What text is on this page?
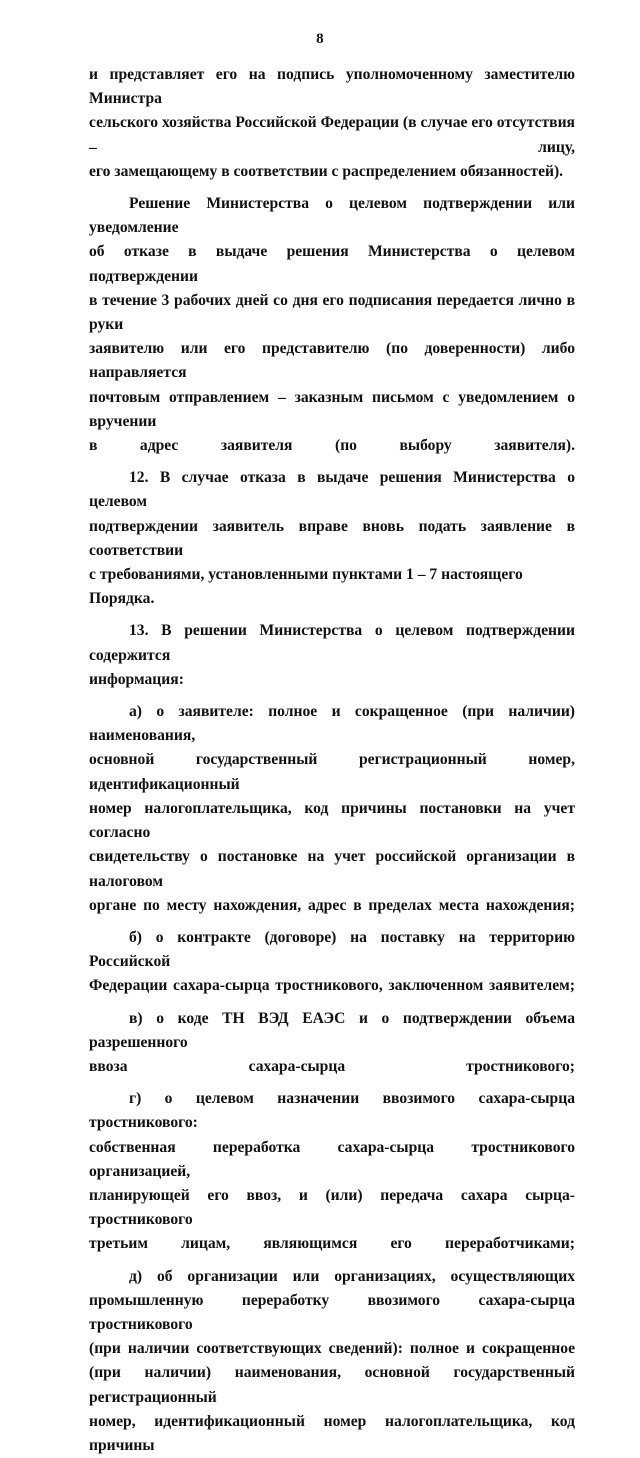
8

и представляет его на подпись уполномоченному заместителю Министра
сельского хозяйства Российской Федерации (в случае его отсутствия – лицу,
его замещающему в соответствии с распределением обязанностей).

Решение Министерства о целевом подтверждении или уведомление
об отказе в выдаче решения Министерства о целевом подтверждении
в течение 3 рабочих дней со дня его подписания передается лично в руки
заявителю или его представителю (по доверенности) либо направляется
почтовым отправлением – заказным письмом с уведомлением о вручении
в адрес заявителя (по выбору заявителя).

12. В случае отказа в выдаче решения Министерства о целевом
подтверждении заявитель вправе вновь подать заявление в соответствии
с требованиями, установленными пунктами 1 – 7 настоящего Порядка.

13. В решении Министерства о целевом подтверждении содержится
информация:

а) о заявителе: полное и сокращенное (при наличии) наименования,
основной государственный регистрационный номер, идентификационный
номер налогоплательщика, код причины постановки на учет согласно
свидетельству о постановке на учет российской организации в налоговом
органе по месту нахождения, адрес в пределах места нахождения;

б) о контракте (договоре) на поставку на территорию Российской
Федерации сахара-сырца тростникового, заключенном заявителем;

в) о коде ТН ВЭД ЕАЭС и о подтверждении объема разрешенного
ввоза сахара-сырца тростникового;

г) о целевом назначении ввозимого сахара-сырца тростникового:
собственная переработка сахара-сырца тростникового организацией,
планирующей его ввоз, и (или) передача сахара сырца-тростникового
третьим лицам, являющимся его переработчиками;

д) об организации или организациях, осуществляющих
промышленную переработку ввозимого сахара-сырца тростникового
(при наличии соответствующих сведений): полное и сокращенное
(при наличии) наименования, основной государственный регистрационный
номер, идентификационный номер налогоплательщика, код причины
